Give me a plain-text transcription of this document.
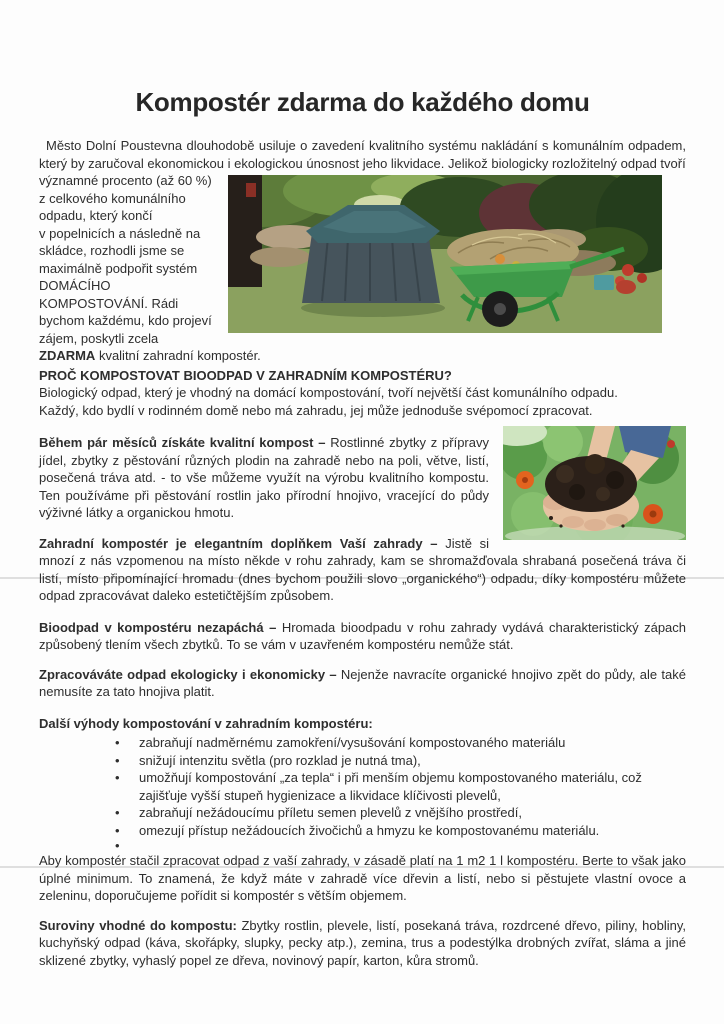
Kompostér zdarma do každého domu

Město Dolní Poustevna dlouhodobě usiluje o zavedení kvalitního systému nakládání s komunálním odpadem, který by zaručoval ekonomickou i ekologickou únosnost jeho likvidace. Jelikož biologicky rozložitelný odpad tvoří

významné procento (až 60 %) z celkového komunálního odpadu, který končí v popelnicích a následně na skládce, rozhodli jsme se maximálně podpořit systém DOMÁCÍHO KOMPOSTOVÁNÍ. Rádi bychom každému, kdo projeví zájem, poskytli zcela ZDARMA kvalitní zahradní kompostér.

PROČ KOMPOSTOVAT BIOODPAD V ZAHRADNÍM KOMPOSTÉRU?
Biologický odpad, který je vhodný na domácí kompostování, tvoří největší část komunálního odpadu.
Každý, kdo bydlí v rodinném domě nebo má zahradu, jej může jednoduše svépomocí zpracovat.

Během pár měsíců získáte kvalitní kompost – Rostlinné zbytky z přípravy jídel, zbytky z pěstování různých plodin na zahradě nebo na poli, větve, listí, posečená tráva atd. - to vše můžeme využít na výrobu kvalitního kompostu. Ten používáme při pěstování rostlin jako přírodní hnojivo, vracející do půdy výživné látky a organickou hmotu.

Zahradní kompostér je elegantním doplňkem Vaší zahrady – Jistě si mnozí z nás vzpomenou na místo někde v rohu zahrady, kam se shromažďovala shrabaná posečená tráva či listí, místo připomínající hromadu (dnes bychom použili slovo „organického“) odpadu, díky kompostéru můžete odpad zpracovávat daleko estetičtějším způsobem.

Bioodpad v kompostéru nezapáchá – Hromada bioodpadu v rohu zahrady vydává charakteristický zápach způsobený tlením všech zbytků. To se vám v uzavřeném kompostéru nemůže stát.

Zpracováváte odpad ekologicky i ekonomicky – Nejenže navracíte organické hnojivo zpět do půdy, ale také nemusíte za tato hnojiva platit.

Další výhody kompostování v zahradním kompostéru:
• zabraňují nadměrnému zamokření/vysušování kompostovaného materiálu
• snižují intenzitu světla (pro rozklad je nutná tma),
• umožňují kompostování „za tepla“ i při menším objemu kompostovaného materiálu, což zajišťuje vyšší stupeň hygienizace a likvidace klíčivosti plevelů,
• zabraňují nežádoucímu příletu semen plevelů z vnějšího prostředí,
• omezují přístup nežádoucích živočichů a hmyzu ke kompostovanému materiálu.
•

Aby kompostér stačil zpracovat odpad z vaší zahrady, v zásadě platí na 1 m2 1 l kompostéru. Berte to však jako úplné minimum. To znamená, že když máte v zahradě více dřevin a listí, nebo si pěstujete vlastní ovoce a zeleninu, doporučujeme pořídit si kompostér s větším objemem.

Suroviny vhodné do kompostu: Zbytky rostlin, plevele, listí, posekaná tráva, rozdrcené dřevo, piliny, hobliny, kuchyňský odpad (káva, skořápky, slupky, pecky atp.), zemina, trus a podestýlka drobných zvířat, sláma a jiné sklizené zbytky, vyhaslý popel ze dřeva, novinový papír, karton, kůra stromů.
